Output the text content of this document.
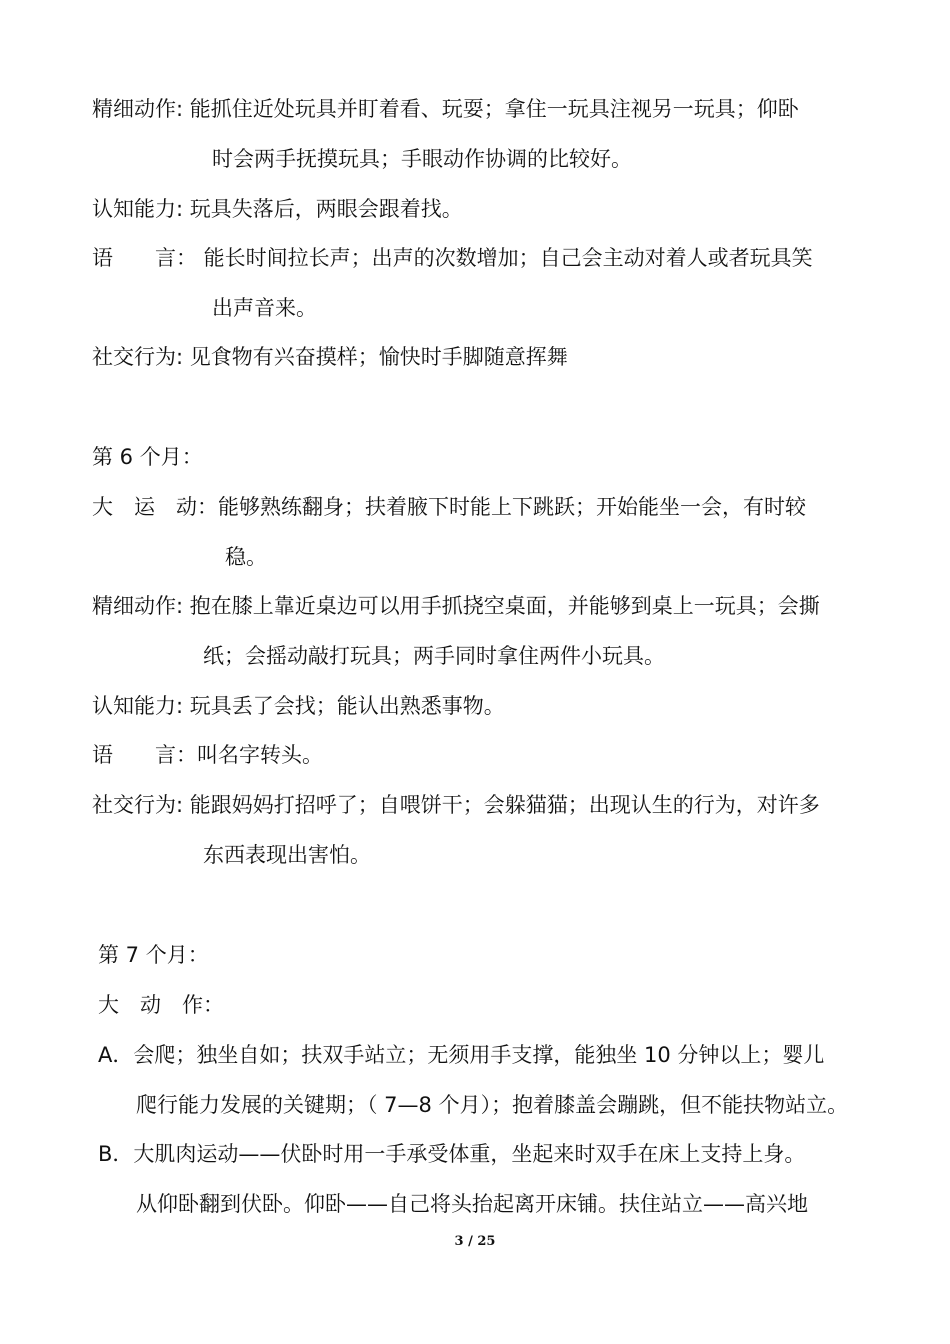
精细动作: 能抓住近处玩具并盯着看、玩耍；拿住一玩具注视另一玩具；仰卧
时会两手抚摸玩具；手眼动作协调的比较好。
认知能力: 玩具失落后，两眼会跟着找。
语　　言： 能长时间拉长声；出声的次数增加；自己会主动对着人或者玩具笑
出声音来。
社交行为: 见食物有兴奋摸样；愉快时手脚随意挥舞
第 6 个月：
大　运　动：能够熟练翻身；扶着腋下时能上下跳跃；开始能坐一会，有时较
稳。
精细动作: 抱在膝上靠近桌边可以用手抓挠空桌面，并能够到桌上一玩具；会撕
纸；会摇动敲打玩具；两手同时拿住两件小玩具。
认知能力: 玩具丢了会找；能认出熟悉事物。
语　　言：叫名字转头。
社交行为: 能跟妈妈打招呼了；自喂饼干；会躲猫猫；出现认生的行为，对许多
东西表现出害怕。
第 7 个月：
大　动　作：
A．会爬；独坐自如；扶双手站立；无须用手支撑，能独坐 10 分钟以上；婴儿
爬行能力发展的关键期；（ 7—8 个月）；抱着膝盖会蹦跳，但不能扶物站立。
B．大肌肉运动——伏卧时用一手承受体重，坐起来时双手在床上支持上身。
从仰卧翻到伏卧。仰卧——自己将头抬起离开床铺。扶住站立——高兴地
3 / 25
